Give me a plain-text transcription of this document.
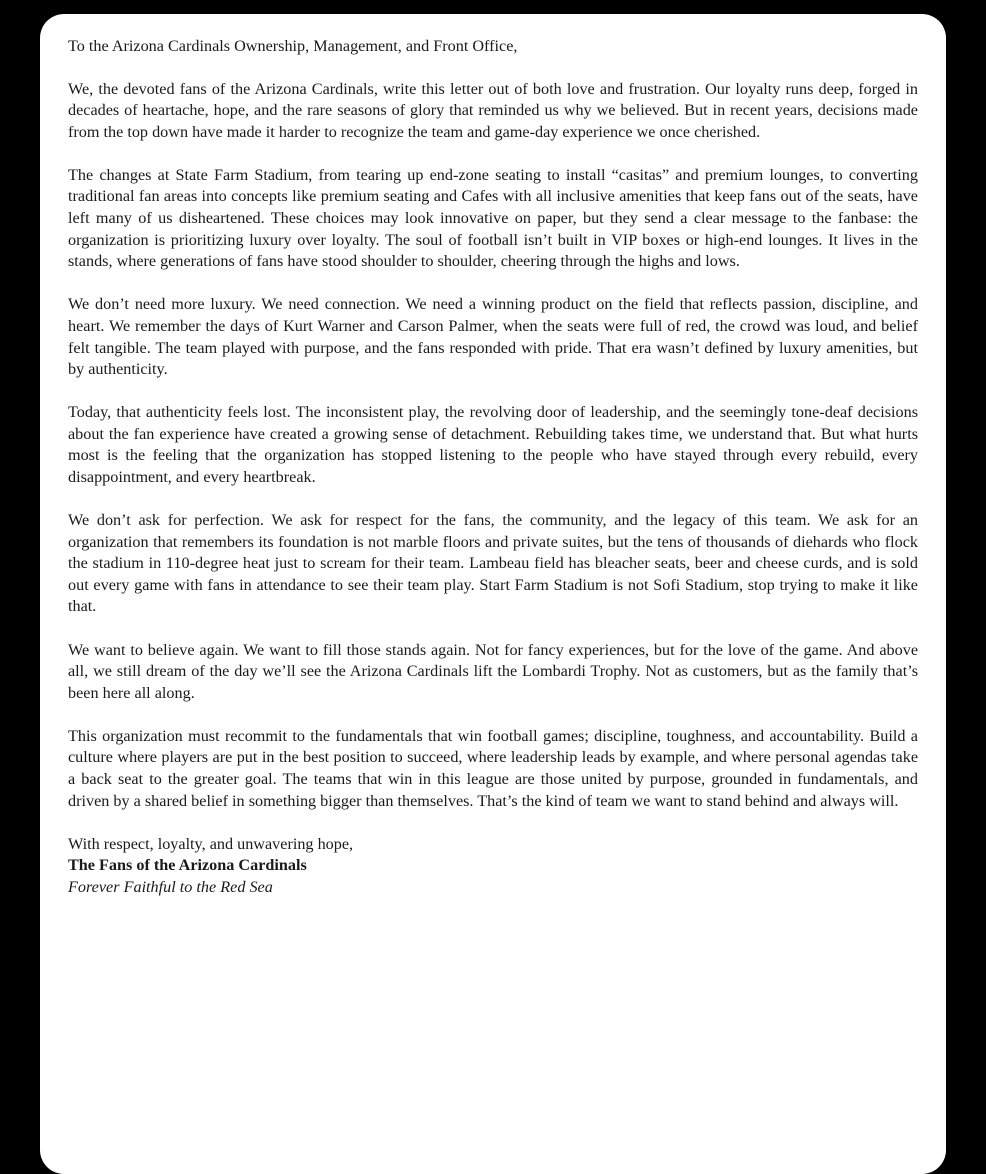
To the Arizona Cardinals Ownership, Management, and Front Office,

We, the devoted fans of the Arizona Cardinals, write this letter out of both love and frustration. Our loyalty runs deep, forged in decades of heartache, hope, and the rare seasons of glory that reminded us why we believed. But in recent years, decisions made from the top down have made it harder to recognize the team and game-day experience we once cherished.

The changes at State Farm Stadium, from tearing up end-zone seating to install “casitas” and premium lounges, to converting traditional fan areas into concepts like premium seating and Cafes with all inclusive amenities that keep fans out of the seats, have left many of us disheartened. These choices may look innovative on paper, but they send a clear message to the fanbase: the organization is prioritizing luxury over loyalty. The soul of football isn’t built in VIP boxes or high-end lounges. It lives in the stands, where generations of fans have stood shoulder to shoulder, cheering through the highs and lows.

We don’t need more luxury. We need connection. We need a winning product on the field that reflects passion, discipline, and heart. We remember the days of Kurt Warner and Carson Palmer, when the seats were full of red, the crowd was loud, and belief felt tangible. The team played with purpose, and the fans responded with pride. That era wasn’t defined by luxury amenities, but by authenticity.

Today, that authenticity feels lost. The inconsistent play, the revolving door of leadership, and the seemingly tone-deaf decisions about the fan experience have created a growing sense of detachment. Rebuilding takes time, we understand that. But what hurts most is the feeling that the organization has stopped listening to the people who have stayed through every rebuild, every disappointment, and every heartbreak.

We don’t ask for perfection. We ask for respect for the fans, the community, and the legacy of this team. We ask for an organization that remembers its foundation is not marble floors and private suites, but the tens of thousands of diehards who flock the stadium in 110-degree heat just to scream for their team. Lambeau field has bleacher seats, beer and cheese curds, and is sold out every game with fans in attendance to see their team play. Start Farm Stadium is not Sofi Stadium, stop trying to make it like that.

We want to believe again. We want to fill those stands again. Not for fancy experiences, but for the love of the game. And above all, we still dream of the day we’ll see the Arizona Cardinals lift the Lombardi Trophy. Not as customers, but as the family that’s been here all along.

This organization must recommit to the fundamentals that win football games; discipline, toughness, and accountability. Build a culture where players are put in the best position to succeed, where leadership leads by example, and where personal agendas take a back seat to the greater goal. The teams that win in this league are those united by purpose, grounded in fundamentals, and driven by a shared belief in something bigger than themselves. That’s the kind of team we want to stand behind and always will.

With respect, loyalty, and unwavering hope,

The Fans of the Arizona Cardinals

Forever Faithful to the Red Sea
